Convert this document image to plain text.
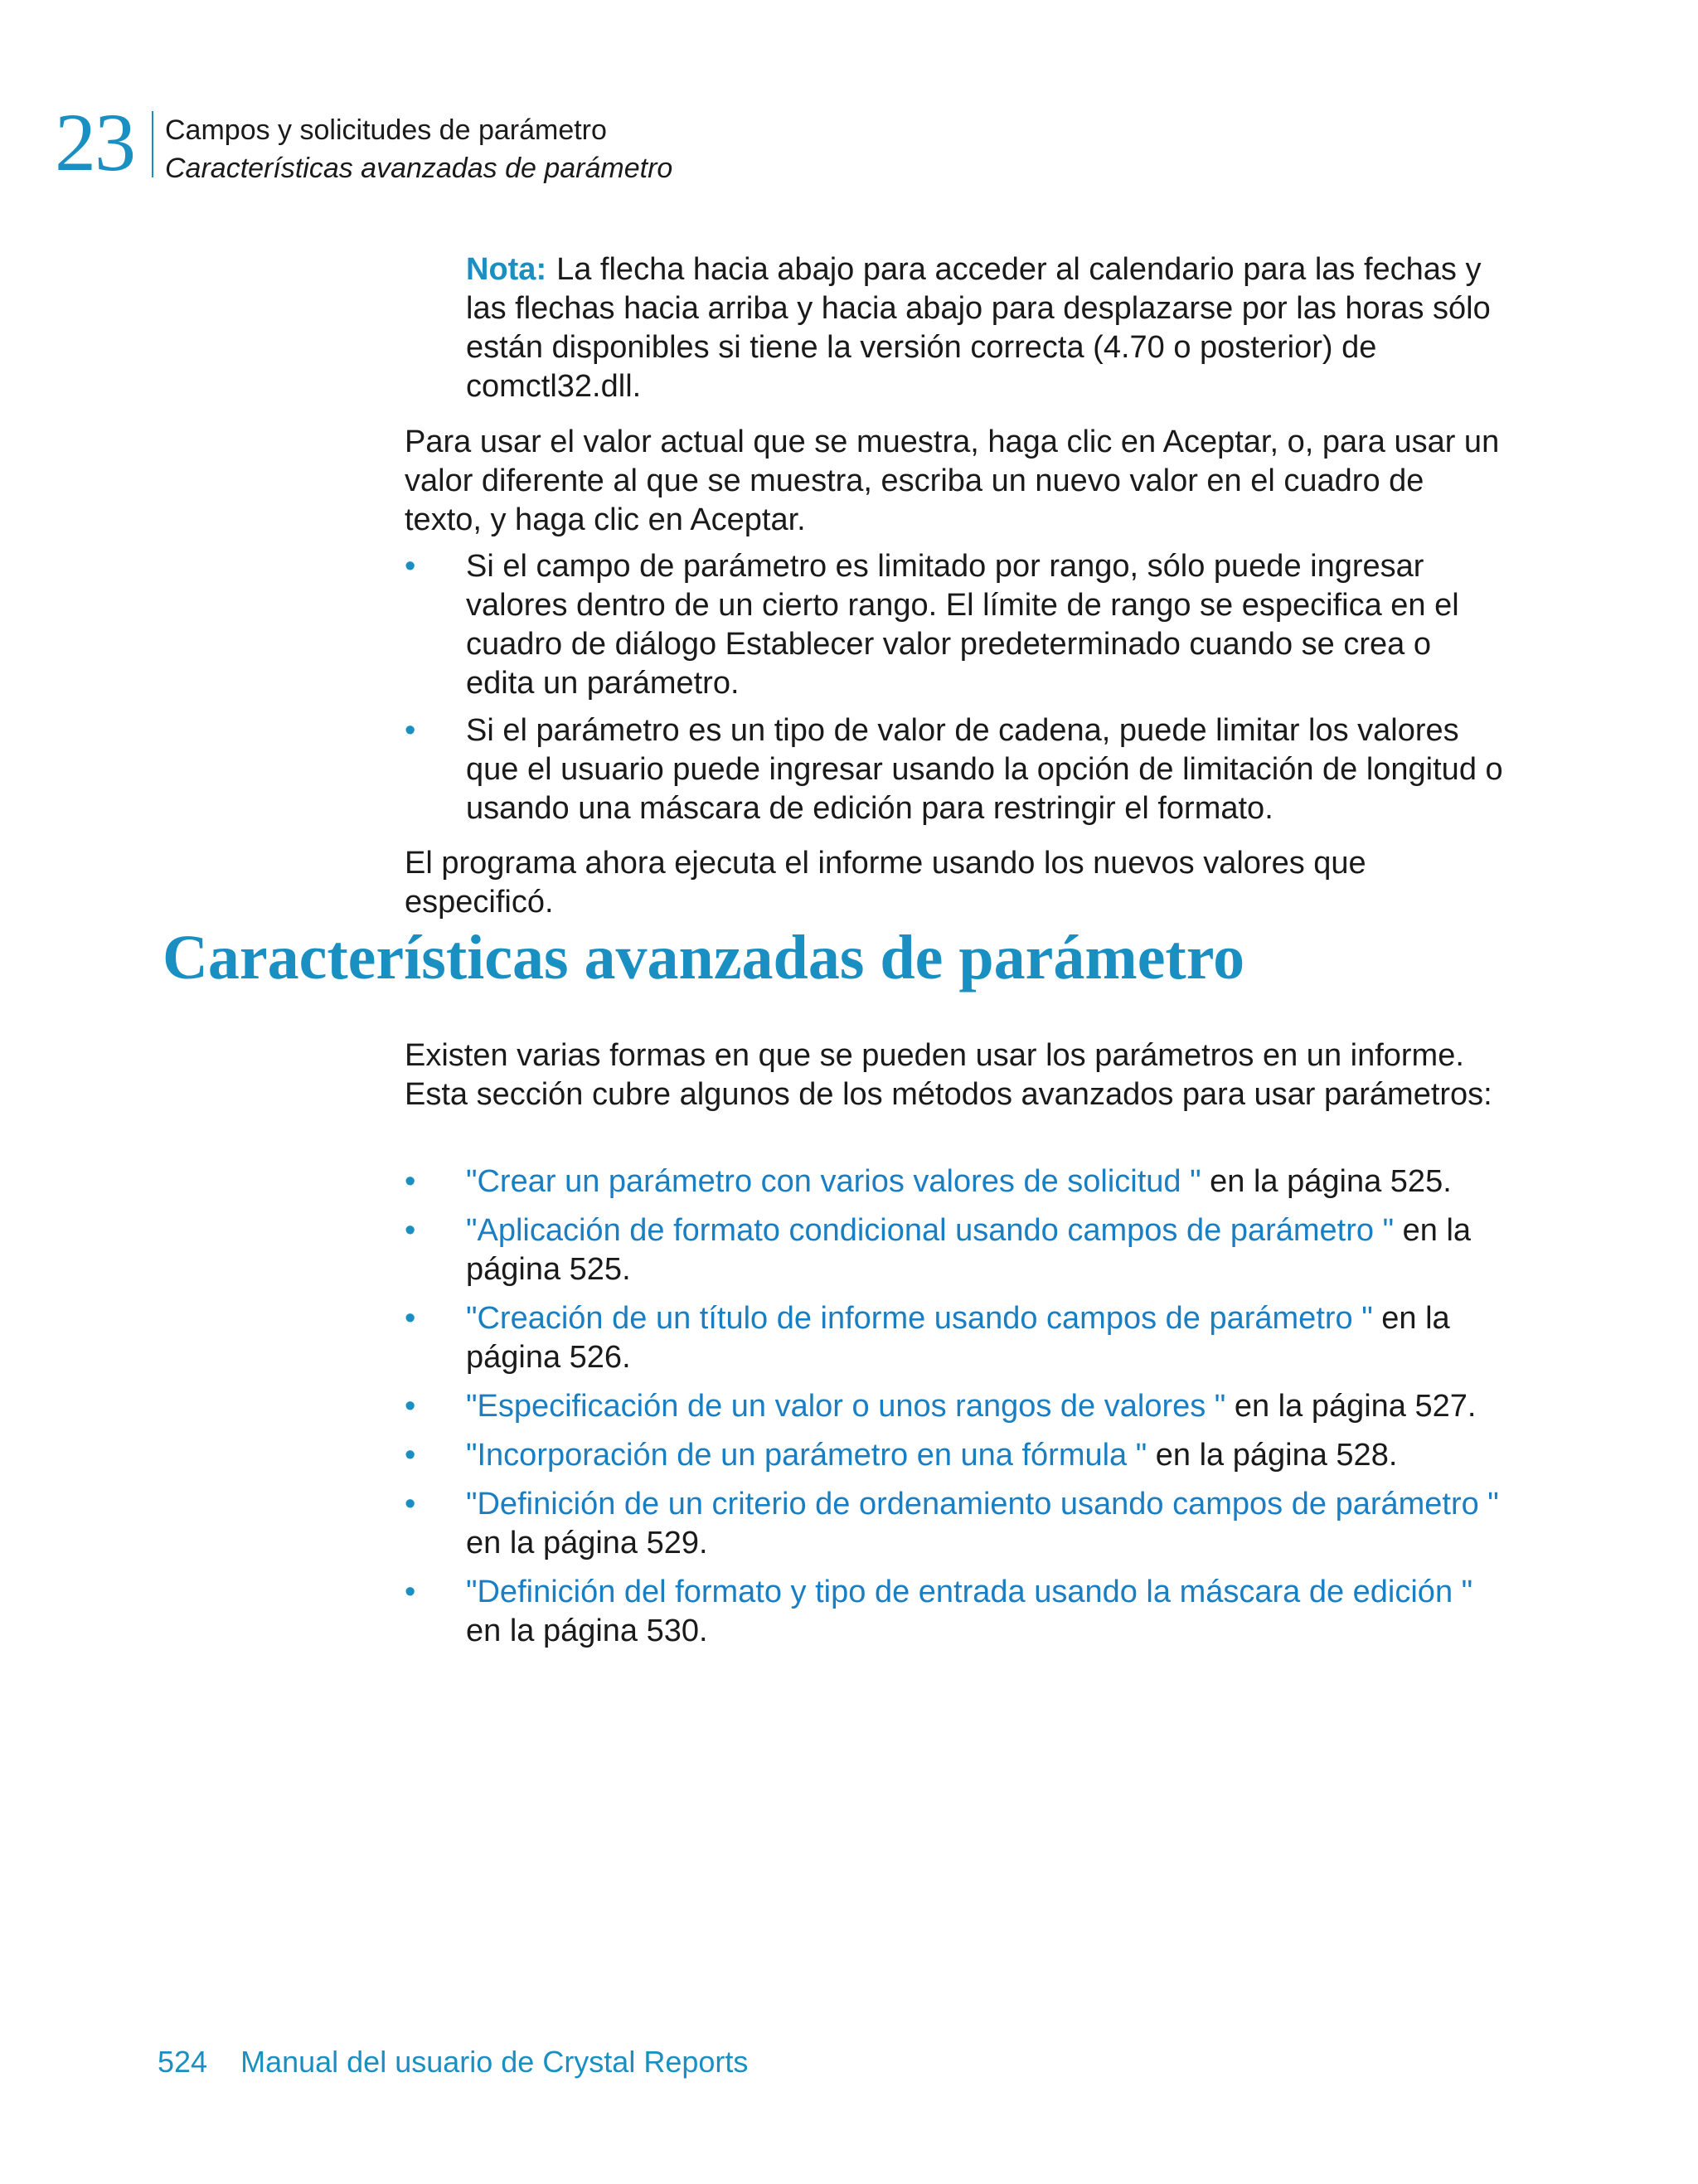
23 Campos y solicitudes de parámetro
Características avanzadas de parámetro
Nota: La flecha hacia abajo para acceder al calendario para las fechas y las flechas hacia arriba y hacia abajo para desplazarse por las horas sólo están disponibles si tiene la versión correcta (4.70 o posterior) de comctl32.dll.
Para usar el valor actual que se muestra, haga clic en Aceptar, o, para usar un valor diferente al que se muestra, escriba un nuevo valor en el cuadro de texto, y haga clic en Aceptar.
• Si el campo de parámetro es limitado por rango, sólo puede ingresar valores dentro de un cierto rango. El límite de rango se especifica en el cuadro de diálogo Establecer valor predeterminado cuando se crea o edita un parámetro.
• Si el parámetro es un tipo de valor de cadena, puede limitar los valores que el usuario puede ingresar usando la opción de limitación de longitud o usando una máscara de edición para restringir el formato.
El programa ahora ejecuta el informe usando los nuevos valores que especificó.
Características avanzadas de parámetro
Existen varias formas en que se pueden usar los parámetros en un informe. Esta sección cubre algunos de los métodos avanzados para usar parámetros:
• "Crear un parámetro con varios valores de solicitud " en la página 525.
• "Aplicación de formato condicional usando campos de parámetro " en la página 525.
• "Creación de un título de informe usando campos de parámetro " en la página 526.
• "Especificación de un valor o unos rangos de valores " en la página 527.
• "Incorporación de un parámetro en una fórmula " en la página 528.
• "Definición de un criterio de ordenamiento usando campos de parámetro " en la página 529.
• "Definición del formato y tipo de entrada usando la máscara de edición " en la página 530.
524 Manual del usuario de Crystal Reports
